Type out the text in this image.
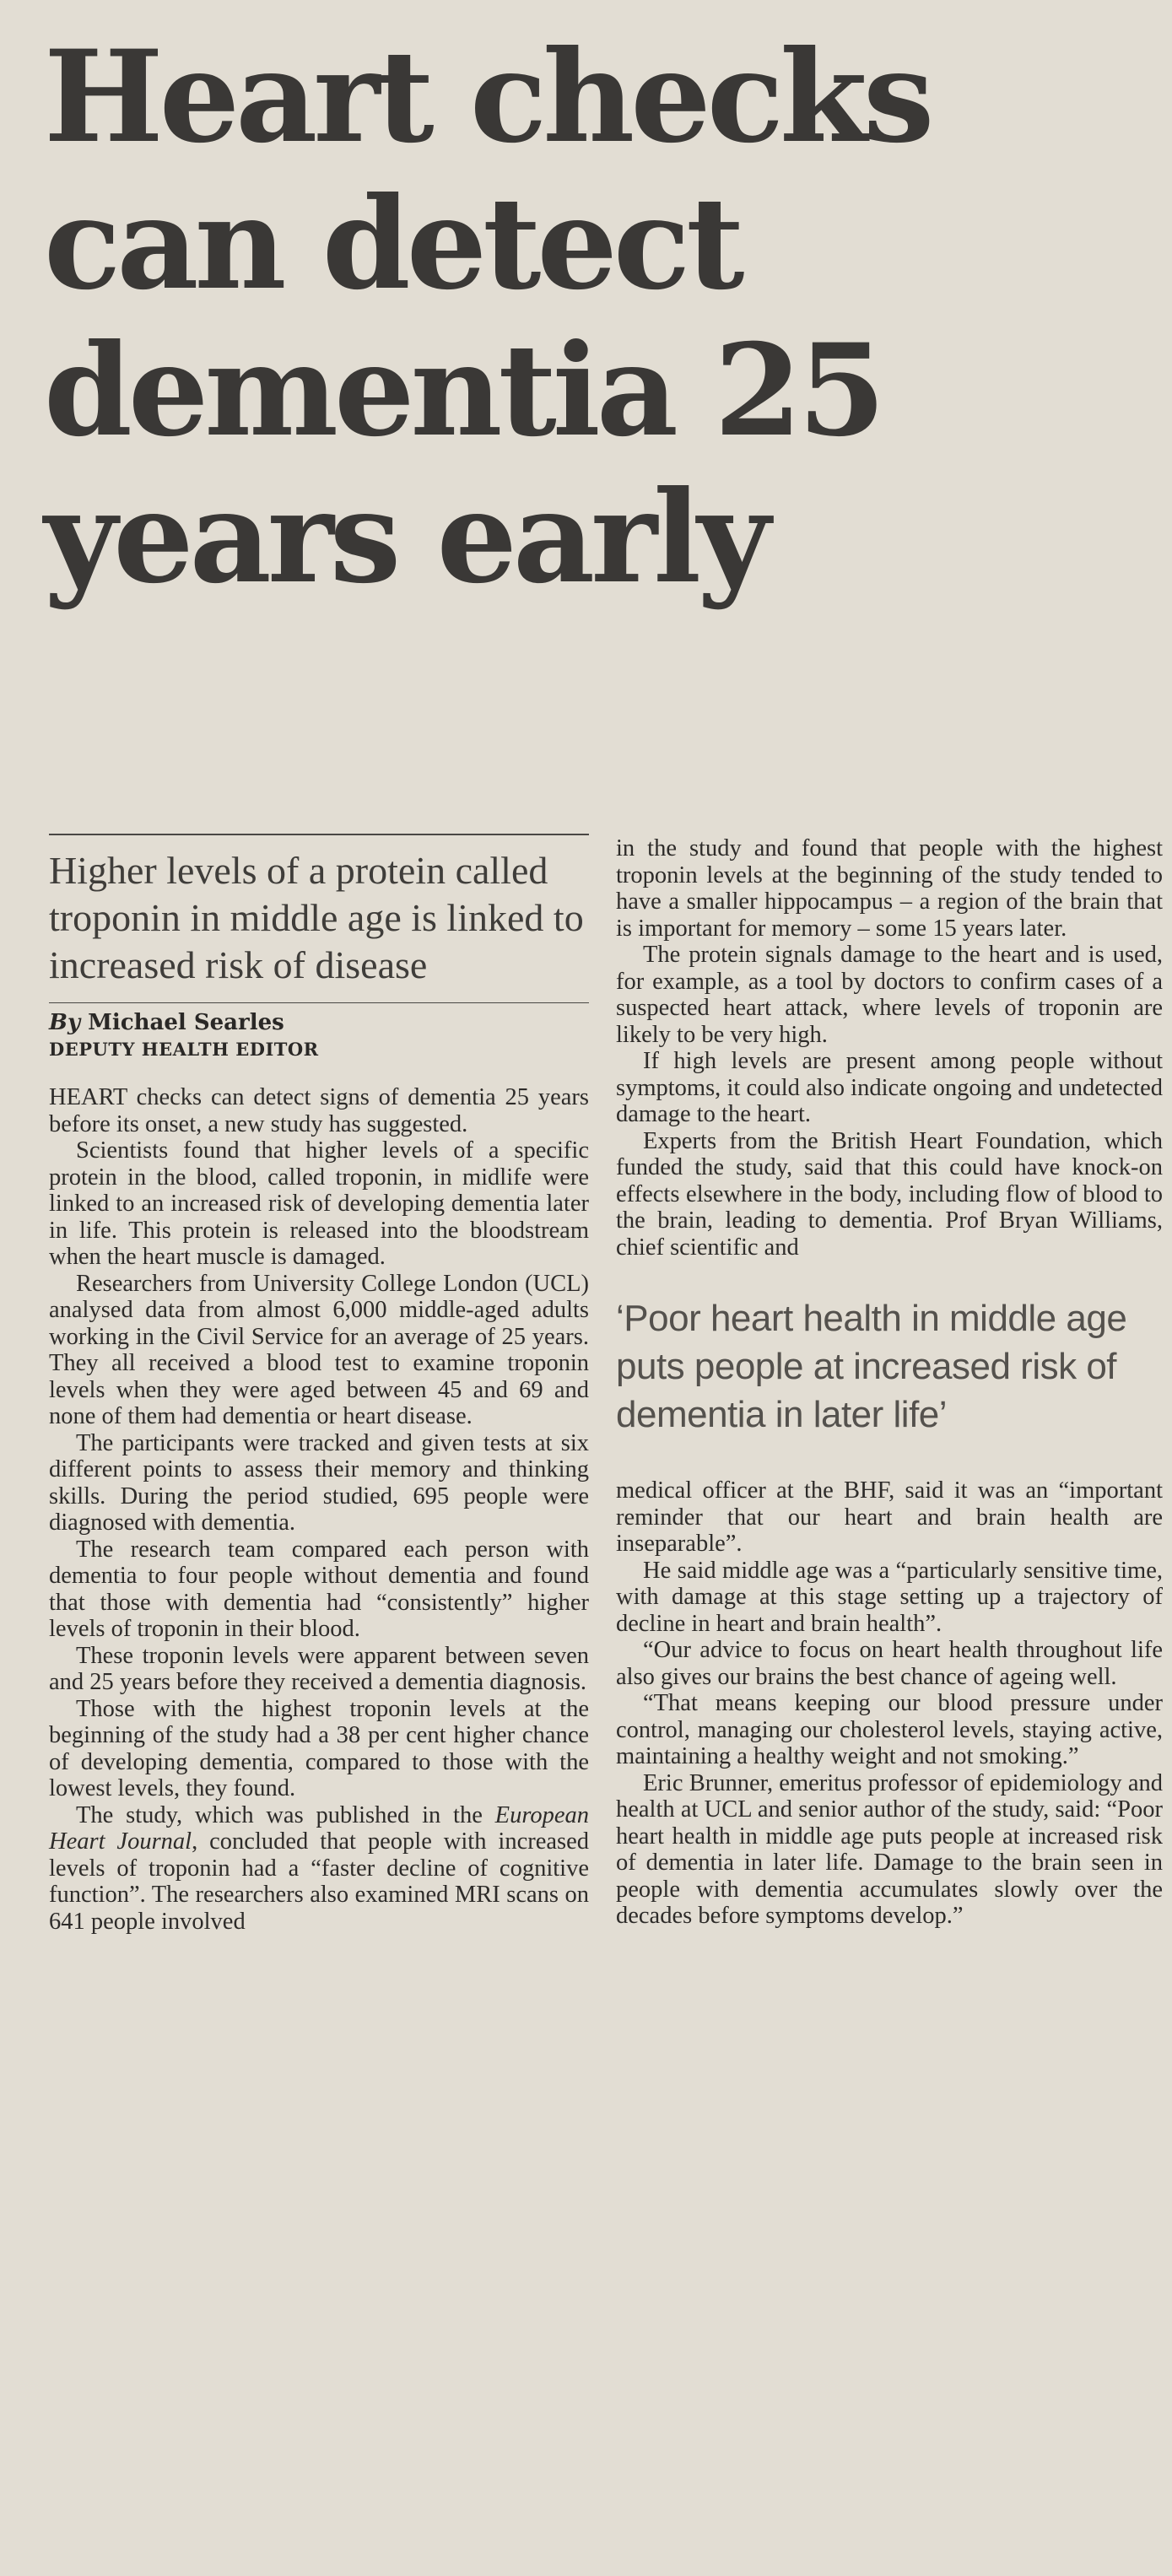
Heart checks
can detect
dementia 25
years early

Higher levels of a protein called troponin in middle age is linked to increased risk of disease

By Michael Searles

DEPUTY HEALTH EDITOR

HEART checks can detect signs of dementia 25 years before its onset, a new study has suggested.

Scientists found that higher levels of a specific protein in the blood, called troponin, in midlife were linked to an increased risk of developing dementia later in life. This protein is released into the bloodstream when the heart muscle is damaged.

Researchers from University College London (UCL) analysed data from almost 6,000 middle-aged adults working in the Civil Service for an average of 25 years. They all received a blood test to examine troponin levels when they were aged between 45 and 69 and none of them had dementia or heart disease.

The participants were tracked and given tests at six different points to assess their memory and thinking skills. During the period studied, 695 people were diagnosed with dementia.

The research team compared each person with dementia to four people without dementia and found that those with dementia had “consistently” higher levels of troponin in their blood.

These troponin levels were apparent between seven and 25 years before they received a dementia diagnosis.

Those with the highest troponin levels at the beginning of the study had a 38 per cent higher chance of developing dementia, compared to those with the lowest levels, they found.

The study, which was published in the European Heart Journal, concluded that people with increased levels of troponin had a “faster decline of cognitive function”. The researchers also examined MRI scans on 641 people involved

in the study and found that people with the highest troponin levels at the beginning of the study tended to have a smaller hippocampus – a region of the brain that is important for memory – some 15 years later.

The protein signals damage to the heart and is used, for example, as a tool by doctors to confirm cases of a suspected heart attack, where levels of troponin are likely to be very high.

If high levels are present among people without symptoms, it could also indicate ongoing and undetected damage to the heart.

Experts from the British Heart Foundation, which funded the study, said that this could have knock-on effects elsewhere in the body, including flow of blood to the brain, leading to dementia. Prof Bryan Williams, chief scientific and

‘Poor heart health in middle age puts people at increased risk of dementia in later life’

medical officer at the BHF, said it was an “important reminder that our heart and brain health are inseparable”.

He said middle age was a “particularly sensitive time, with damage at this stage setting up a trajectory of decline in heart and brain health”.

“Our advice to focus on heart health throughout life also gives our brains the best chance of ageing well.

“That means keeping our blood pressure under control, managing our cholesterol levels, staying active, maintaining a healthy weight and not smoking.”

Eric Brunner, emeritus professor of epidemiology and health at UCL and senior author of the study, said: “Poor heart health in middle age puts people at increased risk of dementia in later life. Damage to the brain seen in people with dementia accumulates slowly over the decades before symptoms develop.”
